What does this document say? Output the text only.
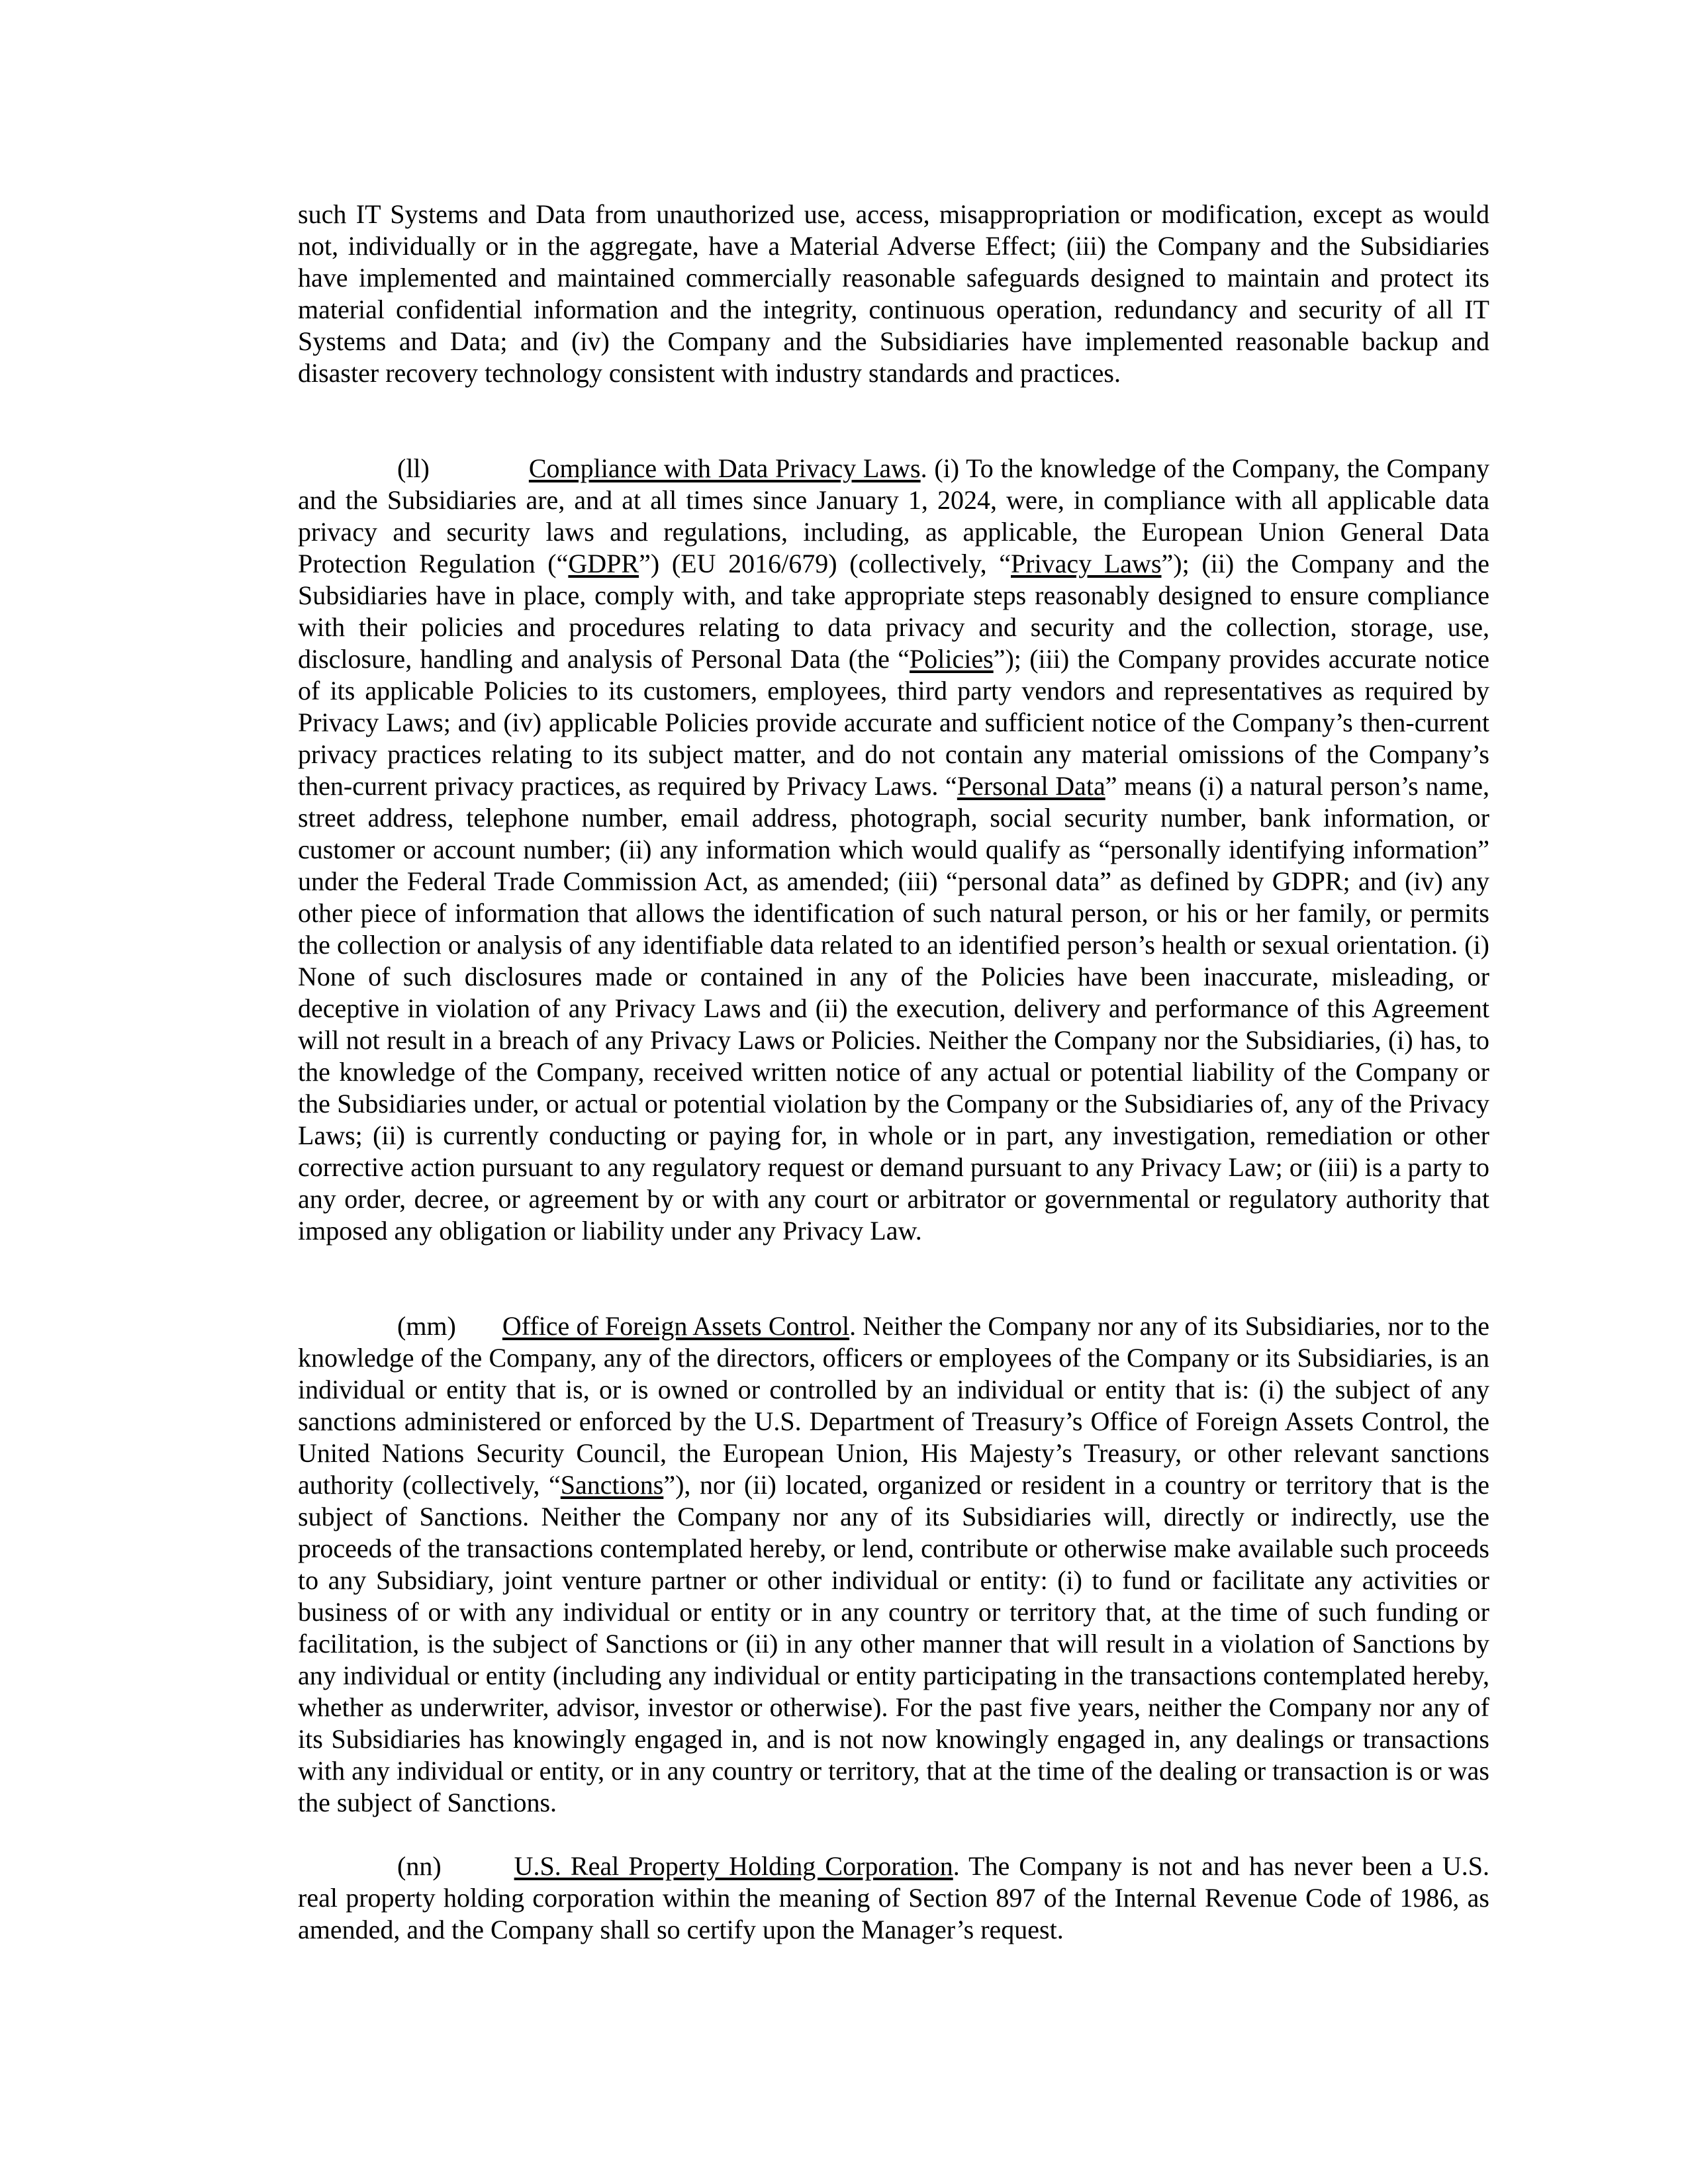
such IT Systems and Data from unauthorized use, access, misappropriation or modification, except as would not, individually or in the aggregate, have a Material Adverse Effect; (iii) the Company and the Subsidiaries have implemented and maintained commercially reasonable safeguards designed to maintain and protect its material confidential information and the integrity, continuous operation, redundancy and security of all IT Systems and Data; and (iv) the Company and the Subsidiaries have implemented reasonable backup and disaster recovery technology consistent with industry standards and practices.

(ll)	Compliance with Data Privacy Laws. (i) To the knowledge of the Company, the Company and the Subsidiaries are, and at all times since January 1, 2024, were, in compliance with all applicable data privacy and security laws and regulations, including, as applicable, the European Union General Data Protection Regulation (“GDPR”) (EU 2016/679) (collectively, “Privacy Laws”); (ii) the Company and the Subsidiaries have in place, comply with, and take appropriate steps reasonably designed to ensure compliance with their policies and procedures relating to data privacy and security and the collection, storage, use, disclosure, handling and analysis of Personal Data (the “Policies”); (iii) the Company provides accurate notice of its applicable Policies to its customers, employees, third party vendors and representatives as required by Privacy Laws; and (iv) applicable Policies provide accurate and sufficient notice of the Company’s then-current privacy practices relating to its subject matter, and do not contain any material omissions of the Company’s then-current privacy practices, as required by Privacy Laws. “Personal Data” means (i) a natural person’s name, street address, telephone number, email address, photograph, social security number, bank information, or customer or account number; (ii) any information which would qualify as “personally identifying information” under the Federal Trade Commission Act, as amended; (iii) “personal data” as defined by GDPR; and (iv) any other piece of information that allows the identification of such natural person, or his or her family, or permits the collection or analysis of any identifiable data related to an identified person’s health or sexual orientation. (i) None of such disclosures made or contained in any of the Policies have been inaccurate, misleading, or deceptive in violation of any Privacy Laws and (ii) the execution, delivery and performance of this Agreement will not result in a breach of any Privacy Laws or Policies. Neither the Company nor the Subsidiaries, (i) has, to the knowledge of the Company, received written notice of any actual or potential liability of the Company or the Subsidiaries under, or actual or potential violation by the Company or the Subsidiaries of, any of the Privacy Laws; (ii) is currently conducting or paying for, in whole or in part, any investigation, remediation or other corrective action pursuant to any regulatory request or demand pursuant to any Privacy Law; or (iii) is a party to any order, decree, or agreement by or with any court or arbitrator or governmental or regulatory authority that imposed any obligation or liability under any Privacy Law.

(mm) Office of Foreign Assets Control. Neither the Company nor any of its Subsidiaries, nor to the knowledge of the Company, any of the directors, officers or employees of the Company or its Subsidiaries, is an individual or entity that is, or is owned or controlled by an individual or entity that is: (i) the subject of any sanctions administered or enforced by the U.S. Department of Treasury’s Office of Foreign Assets Control, the United Nations Security Council, the European Union, His Majesty’s Treasury, or other relevant sanctions authority (collectively, “Sanctions”), nor (ii) located, organized or resident in a country or territory that is the subject of Sanctions. Neither the Company nor any of its Subsidiaries will, directly or indirectly, use the proceeds of the transactions contemplated hereby, or lend, contribute or otherwise make available such proceeds to any Subsidiary, joint venture partner or other individual or entity: (i) to fund or facilitate any activities or business of or with any individual or entity or in any country or territory that, at the time of such funding or facilitation, is the subject of Sanctions or (ii) in any other manner that will result in a violation of Sanctions by any individual or entity (including any individual or entity participating in the transactions contemplated hereby, whether as underwriter, advisor, investor or otherwise). For the past five years, neither the Company nor any of its Subsidiaries has knowingly engaged in, and is not now knowingly engaged in, any dealings or transactions with any individual or entity, or in any country or territory, that at the time of the dealing or transaction is or was the subject of Sanctions.

(nn)	U.S. Real Property Holding Corporation. The Company is not and has never been a U.S. real property holding corporation within the meaning of Section 897 of the Internal Revenue Code of 1986, as amended, and the Company shall so certify upon the Manager’s request.
